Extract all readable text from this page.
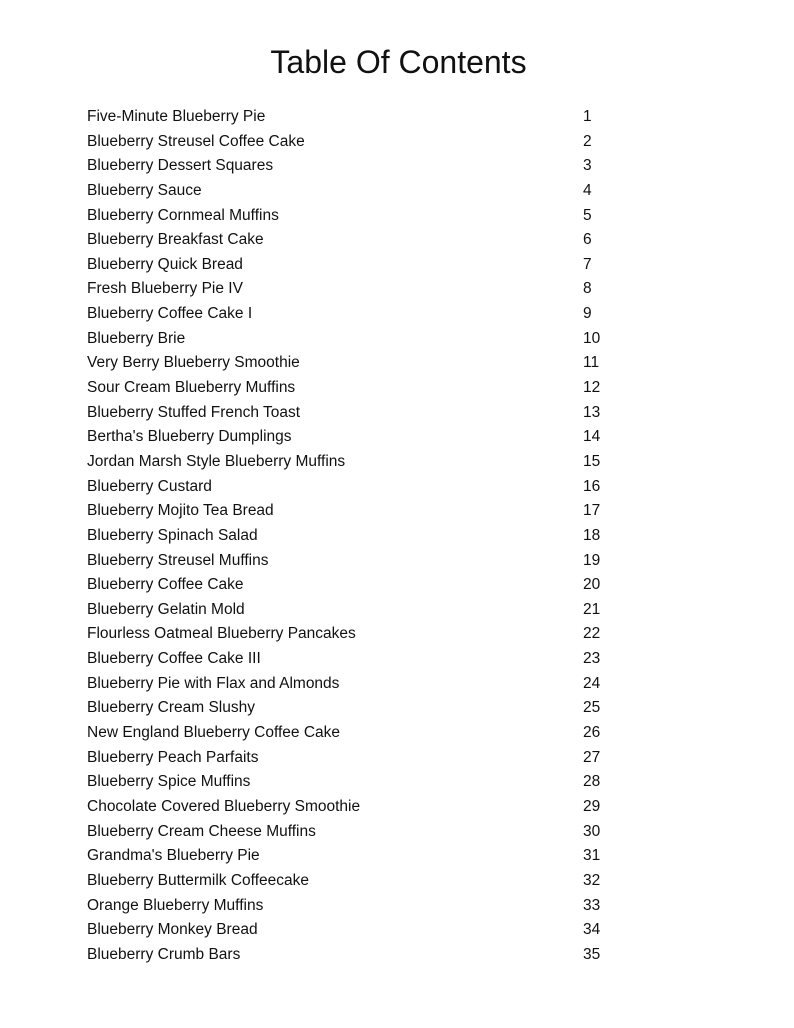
Table Of Contents
Five-Minute Blueberry Pie	1
Blueberry Streusel Coffee Cake	2
Blueberry Dessert Squares	3
Blueberry Sauce	4
Blueberry Cornmeal Muffins	5
Blueberry Breakfast Cake	6
Blueberry Quick Bread	7
Fresh Blueberry Pie IV	8
Blueberry Coffee Cake I	9
Blueberry Brie	10
Very Berry Blueberry Smoothie	11
Sour Cream Blueberry Muffins	12
Blueberry Stuffed French Toast	13
Bertha's Blueberry Dumplings	14
Jordan Marsh Style Blueberry Muffins	15
Blueberry Custard	16
Blueberry Mojito Tea Bread	17
Blueberry Spinach Salad	18
Blueberry Streusel Muffins	19
Blueberry Coffee Cake	20
Blueberry Gelatin Mold	21
Flourless Oatmeal Blueberry Pancakes	22
Blueberry Coffee Cake III	23
Blueberry Pie with Flax and Almonds	24
Blueberry Cream Slushy	25
New England Blueberry Coffee Cake	26
Blueberry Peach Parfaits	27
Blueberry Spice Muffins	28
Chocolate Covered Blueberry Smoothie	29
Blueberry Cream Cheese Muffins	30
Grandma's Blueberry Pie	31
Blueberry Buttermilk Coffeecake	32
Orange Blueberry Muffins	33
Blueberry Monkey Bread	34
Blueberry Crumb Bars	35
